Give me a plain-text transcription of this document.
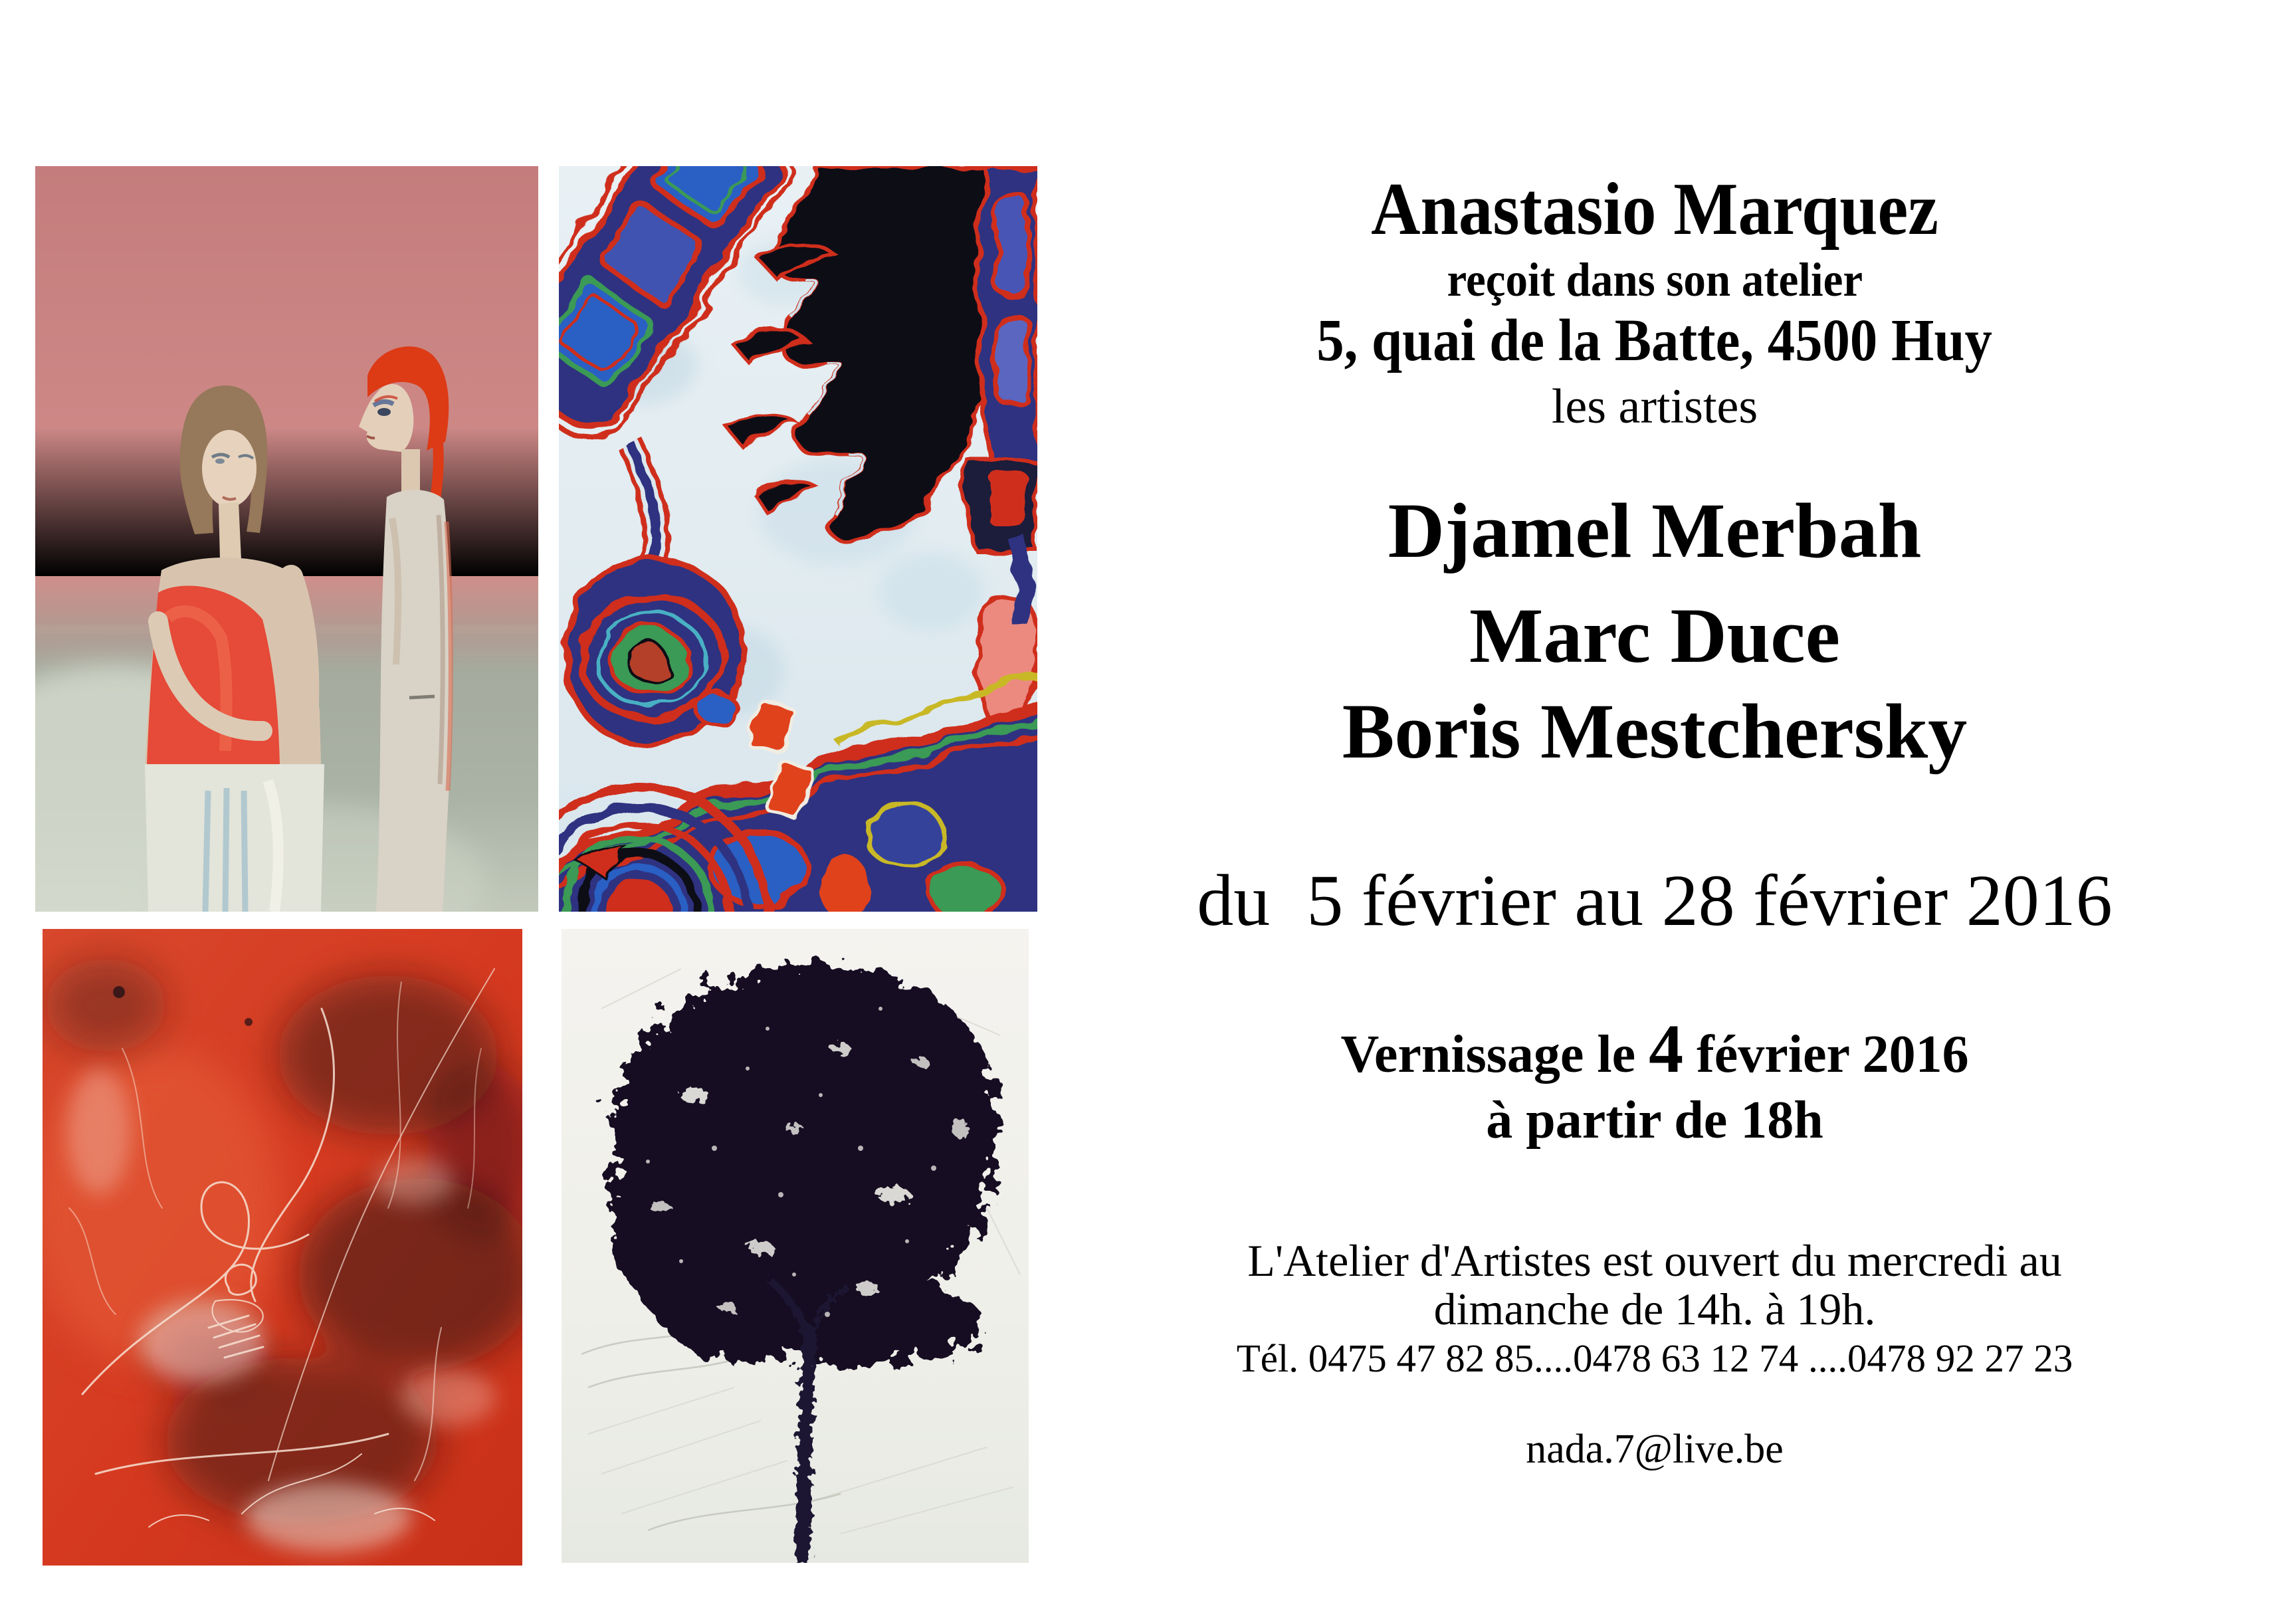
Anastasio Marquez
reçoit dans son atelier
5, quai de la Batte, 4500 Huy
les artistes
Djamel Merbah
Marc Duce
Boris Mestchersky
du  5 février au 28 février 2016
Vernissage le 4 février 2016
à partir de 18h
L'Atelier d'Artistes est ouvert du mercredi au
dimanche de 14h. à 19h.
Tél. 0475 47 82 85....0478 63 12 74 ....0478 92 27 23
nada.7@live.be
